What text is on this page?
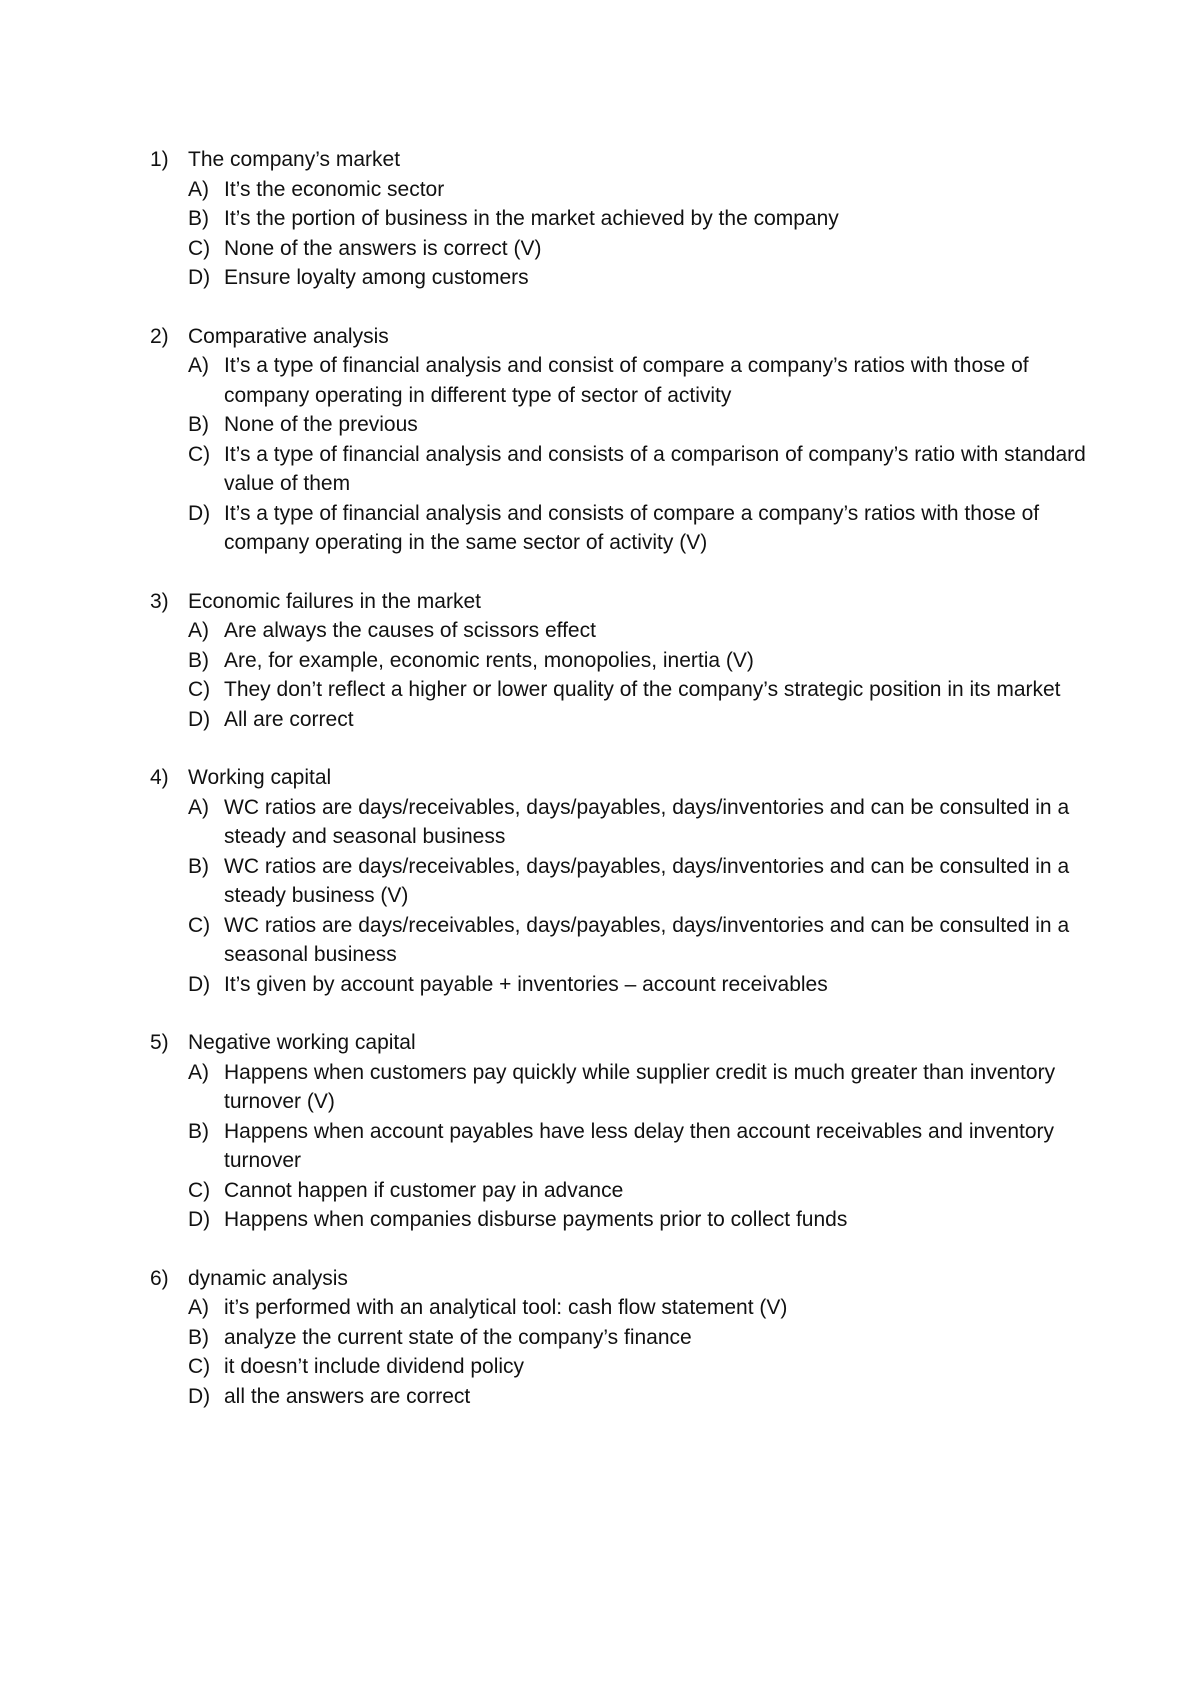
1) The company’s market
A) It’s the economic sector
B) It’s the portion of business in the market achieved by the company
C) None of the answers is correct (V)
D) Ensure loyalty among customers
2) Comparative analysis
A) It’s a type of financial analysis and consist of compare a company’s ratios with those of company operating in different type of sector of activity
B) None of the previous
C) It’s a type of financial analysis and consists of a comparison of company’s ratio with standard value of them
D) It’s a type of financial analysis and consists of compare a company’s ratios with those of company operating in the same sector of activity (V)
3) Economic failures in the market
A) Are always the causes of scissors effect
B) Are, for example, economic rents, monopolies, inertia (V)
C) They don’t reflect a higher or lower quality of the company’s strategic position in its market
D) All are correct
4) Working capital
A) WC ratios are days/receivables, days/payables, days/inventories and can be consulted in a steady and seasonal business
B) WC ratios are days/receivables, days/payables, days/inventories and can be consulted in a steady business (V)
C) WC ratios are days/receivables, days/payables, days/inventories and can be consulted in a seasonal business
D) It’s given by account payable + inventories – account receivables
5) Negative working capital
A) Happens when customers pay quickly while supplier credit is much greater than inventory turnover (V)
B) Happens when account payables have less delay then account receivables and inventory turnover
C) Cannot happen if customer pay in advance
D) Happens when companies disburse payments prior to collect funds
6) dynamic analysis
A) it’s performed with an analytical tool: cash flow statement (V)
B) analyze the current state of the company’s finance
C) it doesn’t include dividend policy
D) all the answers are correct
